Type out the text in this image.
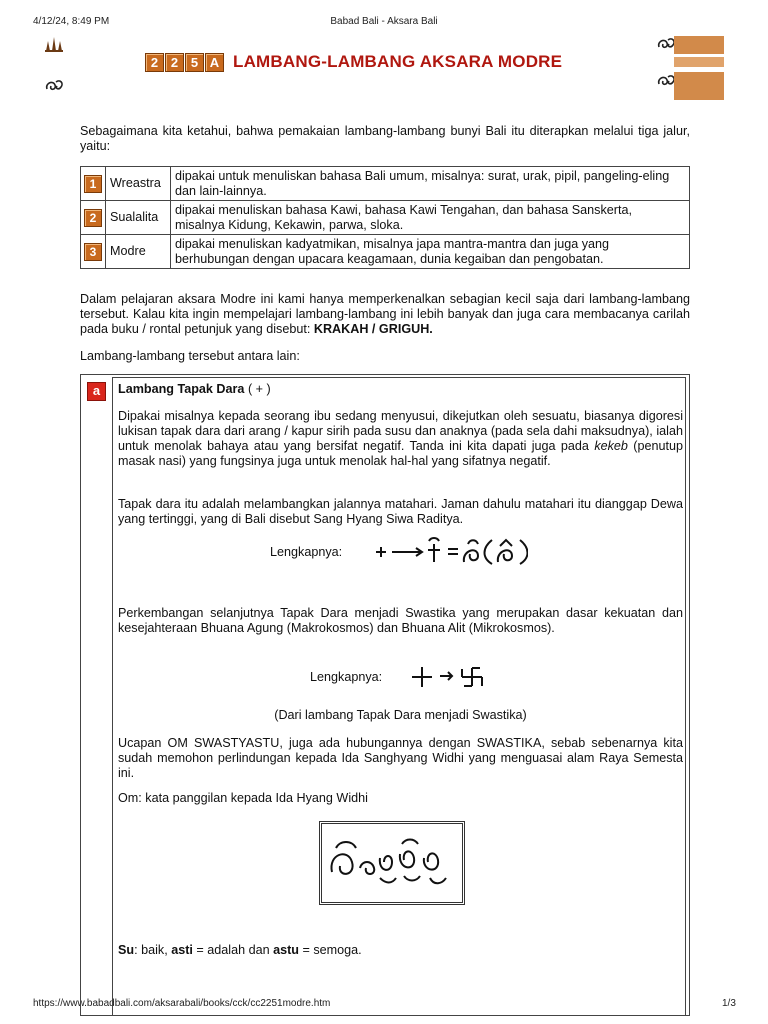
4/12/24, 8:49 PM	Babad Bali - Aksara Bali
https://www.babadbali.com/aksarabali/books/cck/cc2251modre.htm	1/3
2 2 5 A LAMBANG-LAMBANG AKSARA MODRE

Sebagaimana kita ketahui, bahwa pemakaian lambang-lambang bunyi Bali itu diterapkan melalui tiga jalur, yaitu:

1	Wreastra	dipakai untuk menuliskan bahasa Bali umum, misalnya: surat, urak, pipil, pangeling-eling dan lain-lainnya.
2	Sualalita	dipakai menuliskan bahasa Kawi, bahasa Kawi Tengahan, dan bahasa Sanskerta, misalnya Kidung, Kekawin, parwa, sloka.
3	Modre	dipakai menuliskan kadyatmikan, misalnya japa mantra-mantra dan juga yang berhubungan dengan upacara keagamaan, dunia kegaiban dan pengobatan.

Dalam pelajaran aksara Modre ini kami hanya memperkenalkan sebagian kecil saja dari lambang-lambang tersebut. Kalau kita ingin mempelajari lambang-lambang ini lebih banyak dan juga cara membacanya carilah pada buku / rontal petunjuk yang disebut: KRAKAH / GRIGUH.

Lambang-lambang tersebut antara lain:

a	Lambang Tapak Dara ( + )

Dipakai misalnya kepada seorang ibu sedang menyusui, dikejutkan oleh sesuatu, biasanya digoresi lukisan tapak dara dari arang / kapur sirih pada susu dan anaknya (pada sela dahi maksudnya), ialah untuk menolak bahaya atau yang bersifat negatif. Tanda ini kita dapati juga pada kekeb (penutup masak nasi) yang fungsinya juga untuk menolak hal-hal yang sifatnya negatif.

Tapak dara itu adalah melambangkan jalannya matahari. Jaman dahulu matahari itu dianggap Dewa yang tertinggi, yang di Bali disebut Sang Hyang Siwa Raditya.

Lengkapnya:

Perkembangan selanjutnya Tapak Dara menjadi Swastika yang merupakan dasar kekuatan dan kesejahteraan Bhuana Agung (Makrokosmos) dan Bhuana Alit (Mikrokosmos).

Lengkapnya:
(Dari lambang Tapak Dara menjadi Swastika)

Ucapan OM SWASTYASTU, juga ada hubungannya dengan SWASTIKA, sebab sebenarnya kita sudah memohon perlindungan kepada Ida Sanghyang Widhi yang menguasai alam Raya Semesta ini.

Om: kata panggilan kepada Ida Hyang Widhi

Su: baik, asti = adalah dan astu = semoga.
